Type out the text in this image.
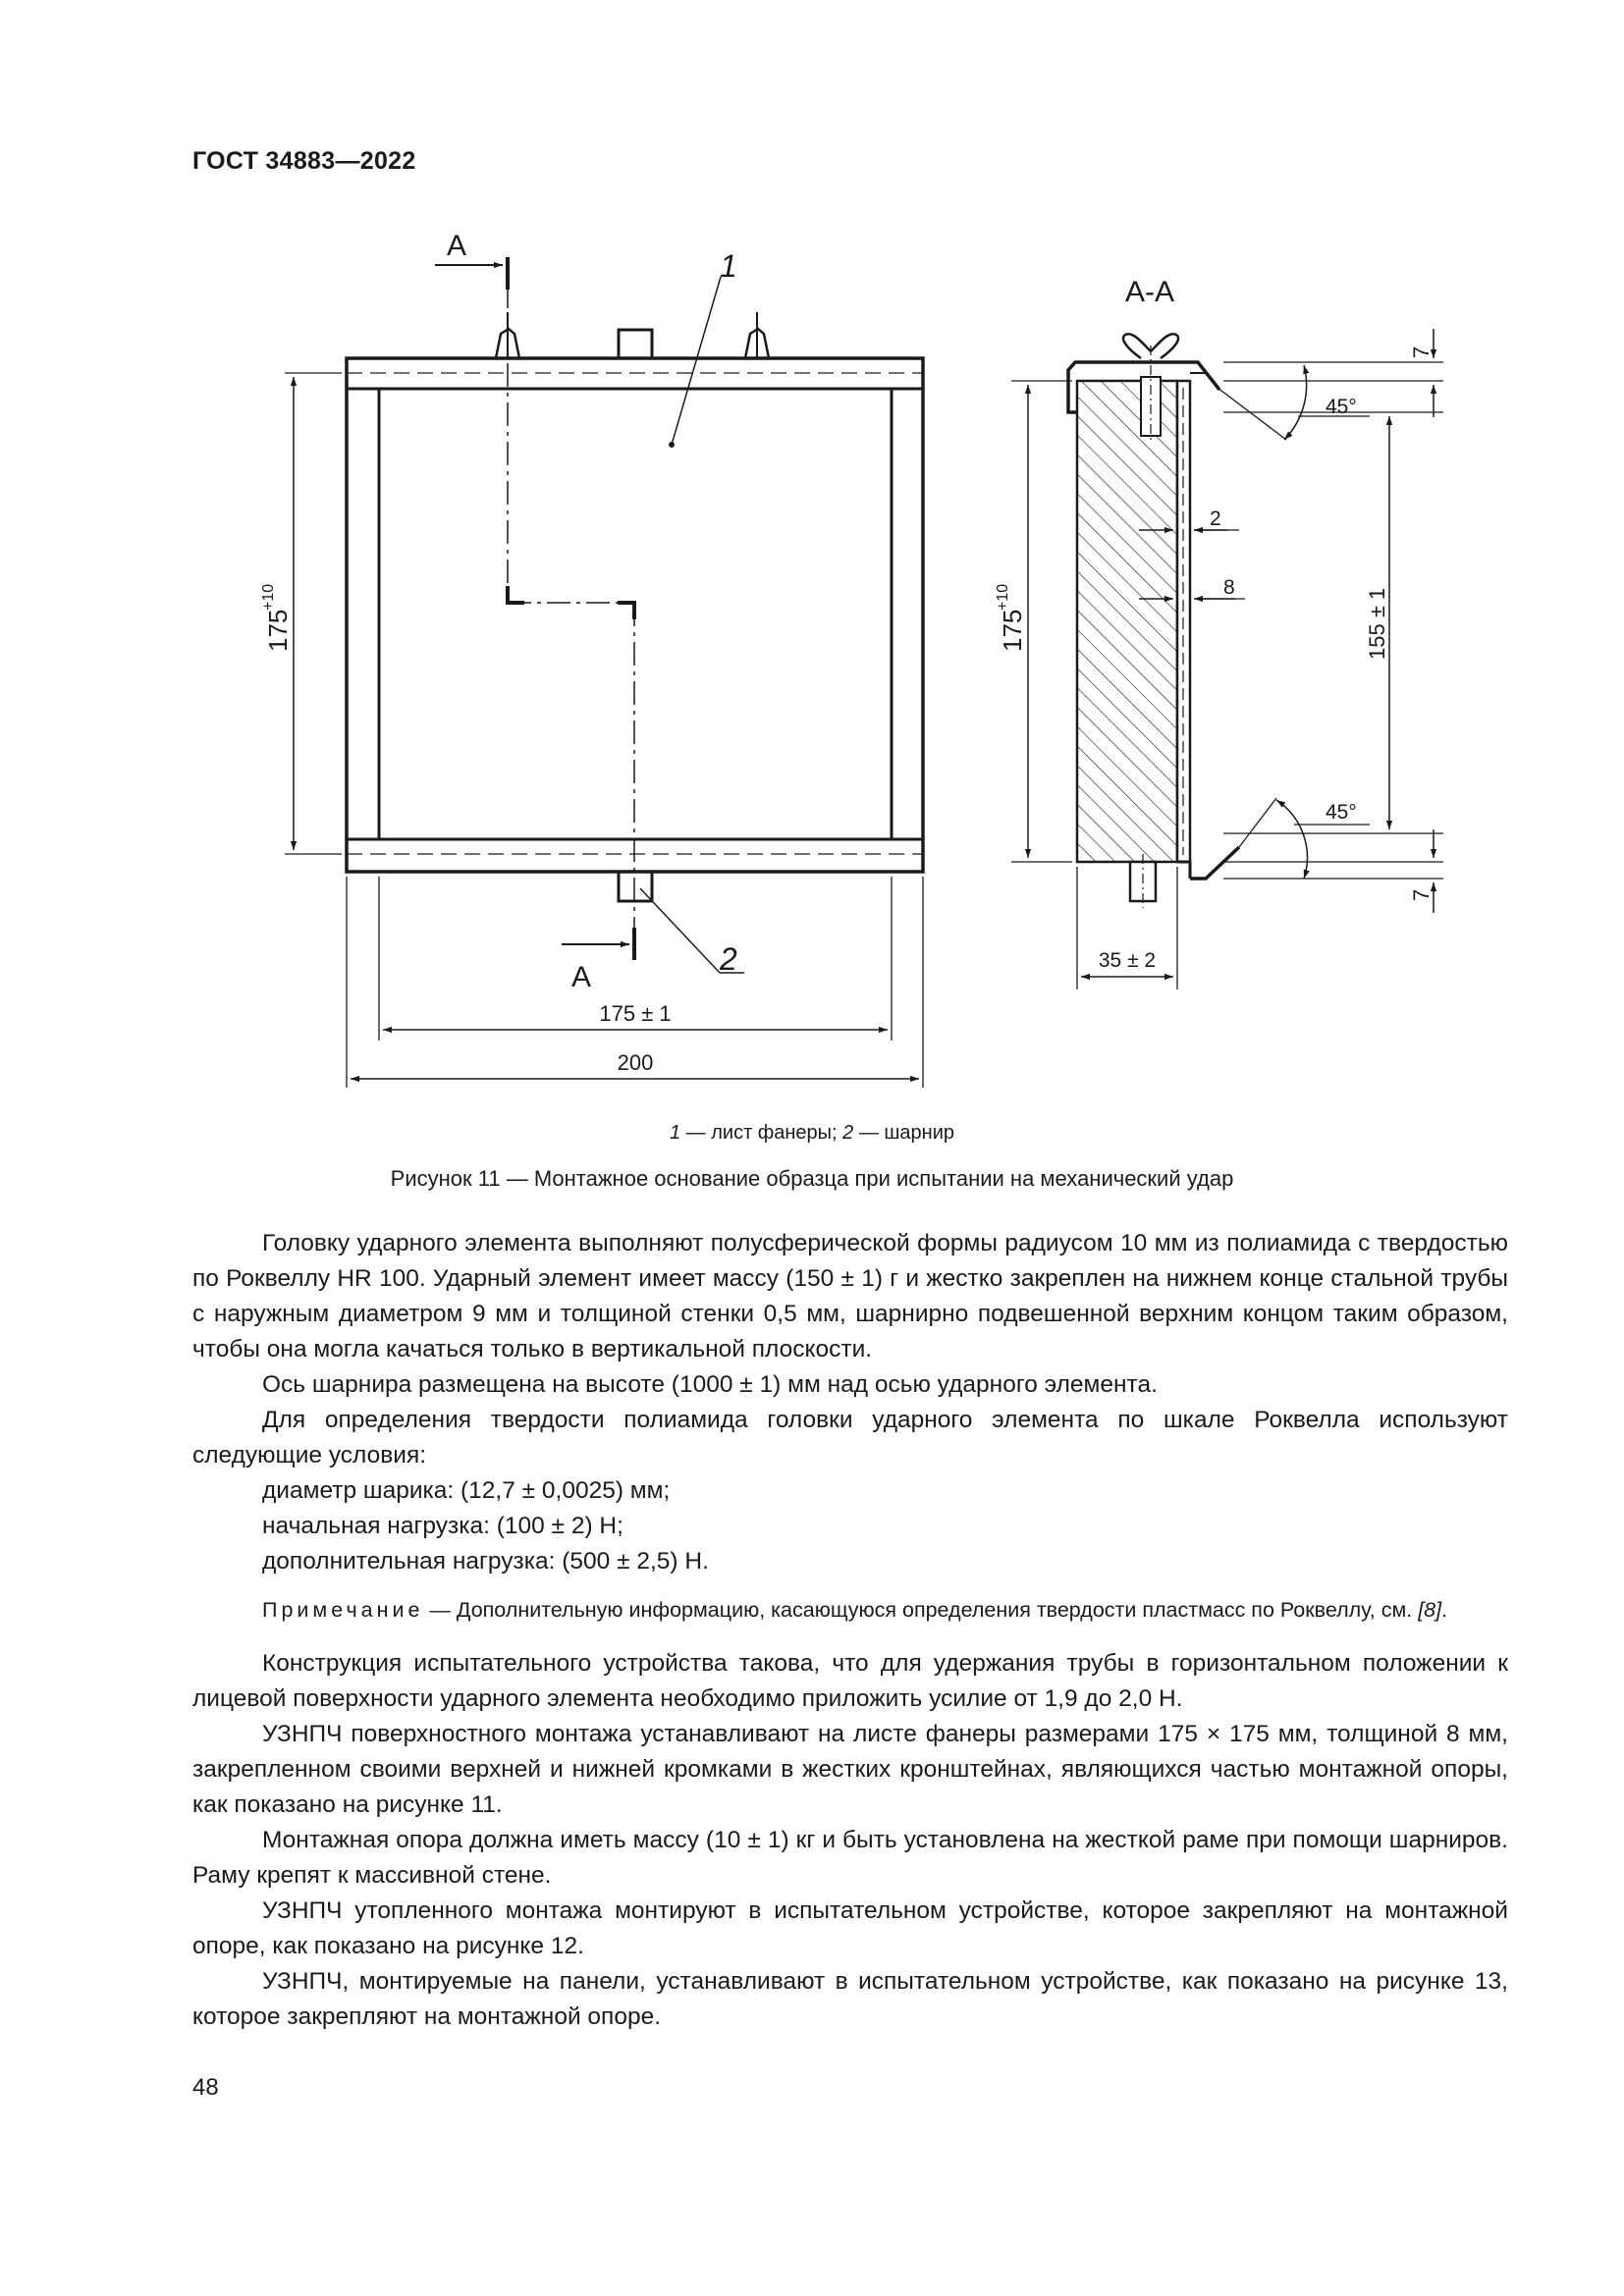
ГОСТ 34883—2022
A
A
1
2
175
+10
175 ± 1
200
A-A
7
45°
2
8
155 ± 1
45°
7
175
+10
35 ± 2
1 — лист фанеры; 2 — шарнир
Рисунок 11 — Монтажное основание образца при испытании на механический удар

Головку ударного элемента выполняют полусферической формы радиусом 10 мм из полиамида с твердостью по Роквеллу HR 100. Ударный элемент имеет массу (150 ± 1) г и жестко закреплен на нижнем конце стальной трубы с наружным диаметром 9 мм и толщиной стенки 0,5 мм, шарнирно подвешенной верхним концом таким образом, чтобы она могла качаться только в вертикальной плоскости.

Ось шарнира размещена на высоте (1000 ± 1) мм над осью ударного элемента.

Для определения твердости полиамида головки ударного элемента по шкале Роквелла используют следующие условия:

диаметр шарика: (12,7 ± 0,0025) мм;

начальная нагрузка: (100 ± 2) Н;

дополнительная нагрузка: (500 ± 2,5) Н.

Примечание — Дополнительную информацию, касающуюся определения твердости пластмасс по Роквеллу, см. [8].

Конструкция испытательного устройства такова, что для удержания трубы в горизонтальном положении к лицевой поверхности ударного элемента необходимо приложить усилие от 1,9 до 2,0 Н.

УЗНПЧ поверхностного монтажа устанавливают на листе фанеры размерами 175 × 175 мм, толщиной 8 мм, закрепленном своими верхней и нижней кромками в жестких кронштейнах, являющихся частью монтажной опоры, как показано на рисунке 11.

Монтажная опора должна иметь массу (10 ± 1) кг и быть установлена на жесткой раме при помощи шарниров. Раму крепят к массивной стене.

УЗНПЧ утопленного монтажа монтируют в испытательном устройстве, которое закрепляют на монтажной опоре, как показано на рисунке 12.

УЗНПЧ, монтируемые на панели, устанавливают в испытательном устройстве, как показано на рисунке 13, которое закрепляют на монтажной опоре.

48
